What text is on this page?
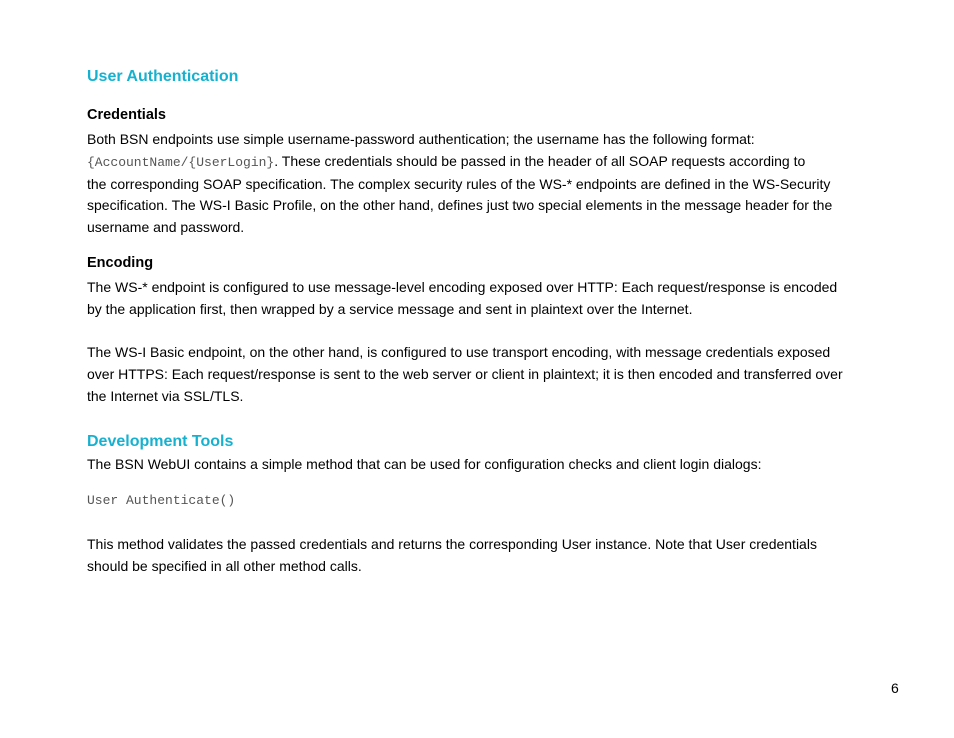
User Authentication
Credentials

Both BSN endpoints use simple username-password authentication; the username has the following format:
{AccountName/{UserLogin}. These credentials should be passed in the header of all SOAP requests according to
the corresponding SOAP specification. The complex security rules of the WS-* endpoints are defined in the WS-Security
specification. The WS-I Basic Profile, on the other hand, defines just two special elements in the message header for the
username and password.

Encoding

The WS-* endpoint is configured to use message-level encoding exposed over HTTP: Each request/response is encoded
by the application first, then wrapped by a service message and sent in plaintext over the Internet.

The WS-I Basic endpoint, on the other hand, is configured to use transport encoding, with message credentials exposed
over HTTPS: Each request/response is sent to the web server or client in plaintext; it is then encoded and transferred over
the Internet via SSL/TLS.

Development Tools

The BSN WebUI contains a simple method that can be used for configuration checks and client login dialogs:

User Authenticate()

This method validates the passed credentials and returns the corresponding User instance. Note that User credentials
should be specified in all other method calls.

6
